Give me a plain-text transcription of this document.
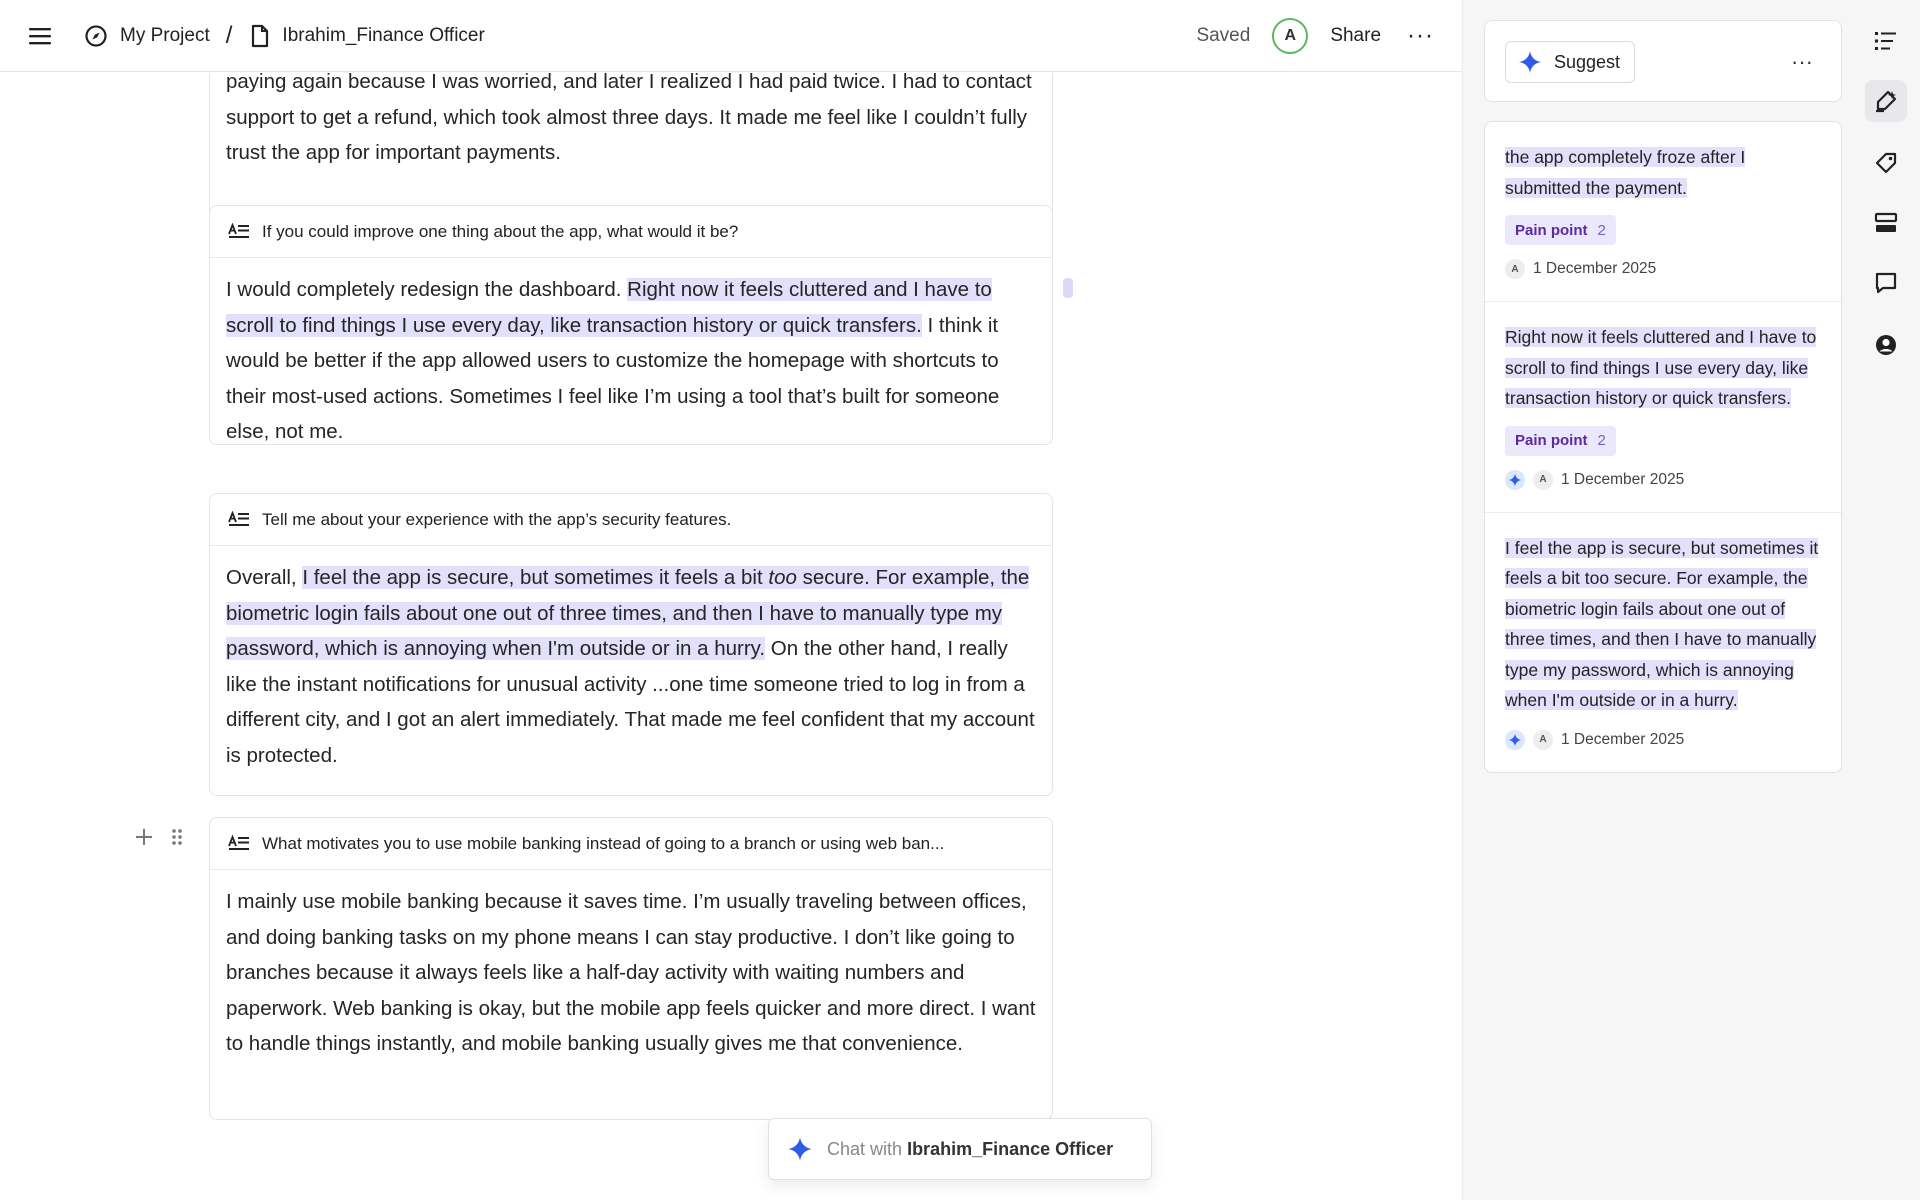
My Project /	Ibrahim_Finance Officer	Saved A Share ···
paying again because I was worried, and later I realized I had paid twice. I had to contact support to get a refund, which took almost three days. It made me feel like I couldn’t fully trust the app for important payments.
If you could improve one thing about the app, what would it be?
I would completely redesign the dashboard. Right now it feels cluttered and I have to scroll to find things I use every day, like transaction history or quick transfers. I think it would be better if the app allowed users to customize the homepage with shortcuts to their most-used actions. Sometimes I feel like I’m using a tool that’s built for someone else, not me.
Tell me about your experience with the app’s security features.
Overall, I feel the app is secure, but sometimes it feels a bit too secure. For example, the biometric login fails about one out of three times, and then I have to manually type my password, which is annoying when I'm outside or in a hurry. On the other hand, I really like the instant notifications for unusual activity ...one time someone tried to log in from a different city, and I got an alert immediately. That made me feel confident that my account is protected.
What motivates you to use mobile banking instead of going to a branch or using web ban...
I mainly use mobile banking because it saves time. I’m usually traveling between offices, and doing banking tasks on my phone means I can stay productive. I don’t like going to branches because it always feels like a half-day activity with waiting numbers and paperwork. Web banking is okay, but the mobile app feels quicker and more direct. I want to handle things instantly, and mobile banking usually gives me that convenience.
Chat with Ibrahim_Finance Officer
Suggest	···
the app completely froze after I submitted the payment.
Pain point 2
A 1 December 2025
Right now it feels cluttered and I have to scroll to find things I use every day, like transaction history or quick transfers.
Pain point 2
A 1 December 2025
I feel the app is secure, but sometimes it feels a bit too secure. For example, the biometric login fails about one out of three times, and then I have to manually type my password, which is annoying when I'm outside or in a hurry.
A 1 December 2025
